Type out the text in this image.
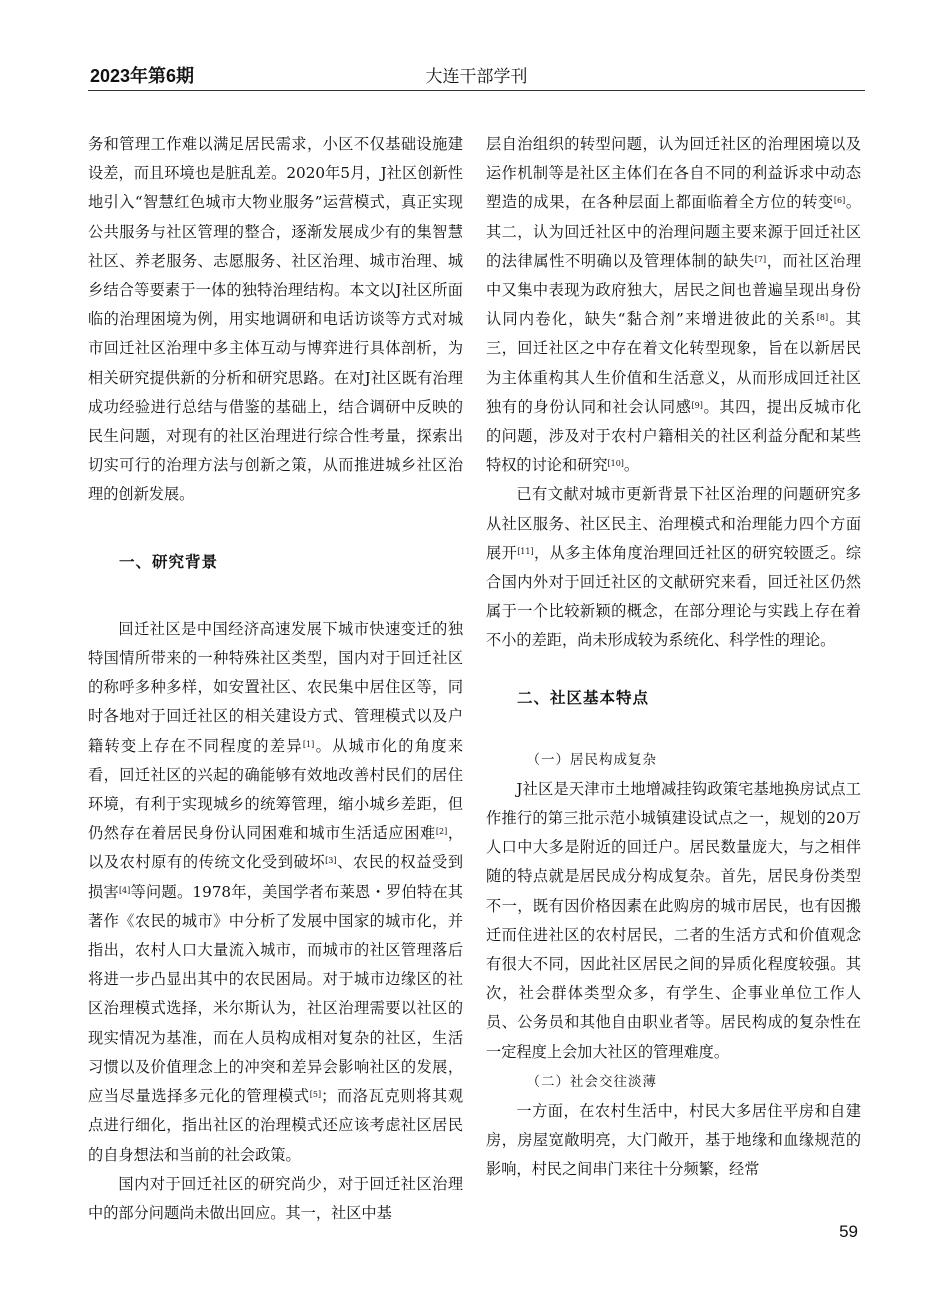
2023年第6期	大连干部学刊

务和管理工作难以满足居民需求，小区不仅基础设施建设差，而且环境也是脏乱差。2020年5月，J社区创新性地引入“智慧红色城市大物业服务”运营模式，真正实现公共服务与社区管理的整合，逐渐发展成少有的集智慧社区、养老服务、志愿服务、社区治理、城市治理、城乡结合等要素于一体的独特治理结构。本文以J社区所面临的治理困境为例，用实地调研和电话访谈等方式对城市回迁社区治理中多主体互动与博弈进行具体剖析，为相关研究提供新的分析和研究思路。在对J社区既有治理成功经验进行总结与借鉴的基础上，结合调研中反映的民生问题，对现有的社区治理进行综合性考量，探索出切实可行的治理方法与创新之策，从而推进城乡社区治理的创新发展。

一、研究背景

回迁社区是中国经济高速发展下城市快速变迁的独特国情所带来的一种特殊社区类型，国内对于回迁社区的称呼多种多样，如安置社区、农民集中居住区等，同时各地对于回迁社区的相关建设方式、管理模式以及户籍转变上存在不同程度的差异[1]。从城市化的角度来看，回迁社区的兴起的确能够有效地改善村民们的居住环境，有利于实现城乡的统筹管理，缩小城乡差距，但仍然存在着居民身份认同困难和城市生活适应困难[2]，以及农村原有的传统文化受到破坏[3]、农民的权益受到损害[4]等问题。1978年，美国学者布莱恩・罗伯特在其著作《农民的城市》中分析了发展中国家的城市化，并指出，农村人口大量流入城市，而城市的社区管理落后将进一步凸显出其中的农民困局。对于城市边缘区的社区治理模式选择，米尔斯认为，社区治理需要以社区的现实情况为基准，而在人员构成相对复杂的社区，生活习惯以及价值理念上的冲突和差异会影响社区的发展，应当尽量选择多元化的管理模式[5]；而洛瓦克则将其观点进行细化，指出社区的治理模式还应该考虑社区居民的自身想法和当前的社会政策。

国内对于回迁社区的研究尚少，对于回迁社区治理中的部分问题尚未做出回应。其一，社区中基

层自治组织的转型问题，认为回迁社区的治理困境以及运作机制等是社区主体们在各自不同的利益诉求中动态塑造的成果，在各种层面上都面临着全方位的转变[6]。其二，认为回迁社区中的治理问题主要来源于回迁社区的法律属性不明确以及管理体制的缺失[7]，而社区治理中又集中表现为政府独大，居民之间也普遍呈现出身份认同内卷化，缺失“黏合剂”来增进彼此的关系[8]。其三，回迁社区之中存在着文化转型现象，旨在以新居民为主体重构其人生价值和生活意义，从而形成回迁社区独有的身份认同和社会认同感[9]。其四，提出反城市化的问题，涉及对于农村户籍相关的社区利益分配和某些特权的讨论和研究[10]。

已有文献对城市更新背景下社区治理的问题研究多从社区服务、社区民主、治理模式和治理能力四个方面展开[11]，从多主体角度治理回迁社区的研究较匮乏。综合国内外对于回迁社区的文献研究来看，回迁社区仍然属于一个比较新颖的概念，在部分理论与实践上存在着不小的差距，尚未形成较为系统化、科学性的理论。

二、社区基本特点
（一）居民构成复杂

J社区是天津市土地增减挂钩政策宅基地换房试点工作推行的第三批示范小城镇建设试点之一，规划的20万人口中大多是附近的回迁户。居民数量庞大，与之相伴随的特点就是居民成分构成复杂。首先，居民身份类型不一，既有因价格因素在此购房的城市居民，也有因搬迁而住进社区的农村居民，二者的生活方式和价值观念有很大不同，因此社区居民之间的异质化程度较强。其次，社会群体类型众多，有学生、企事业单位工作人员、公务员和其他自由职业者等。居民构成的复杂性在一定程度上会加大社区的管理难度。

（二）社会交往淡薄

一方面，在农村生活中，村民大多居住平房和自建房，房屋宽敞明亮，大门敞开，基于地缘和血缘规范的影响，村民之间串门来往十分频繁，经常

59
